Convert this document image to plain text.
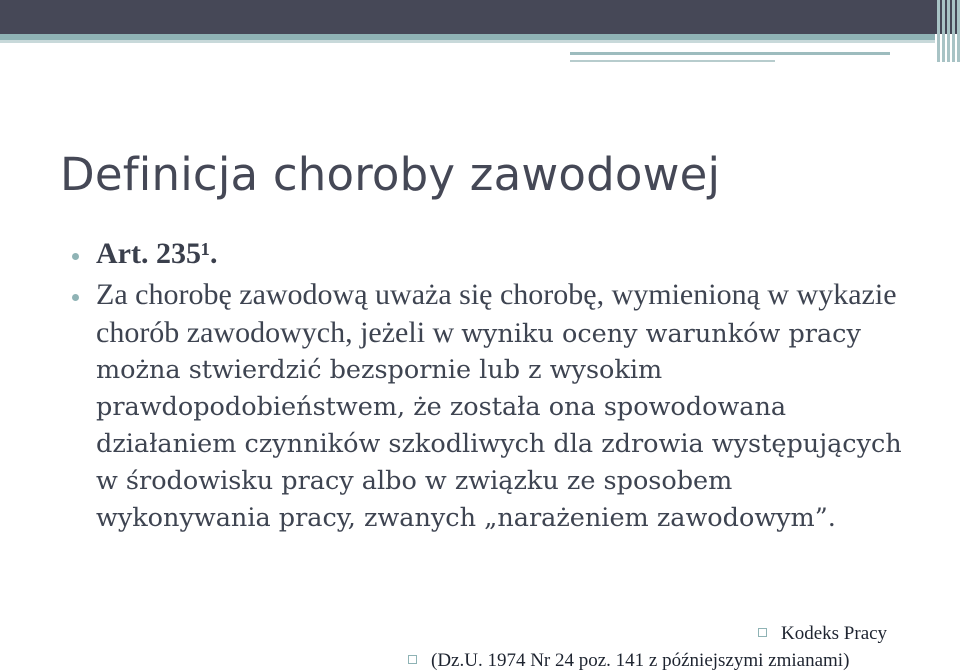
Definicja choroby zawodowej
Art. 235¹.
Za chorobę zawodową uważa się chorobę, wymienioną w wykazie chorób zawodowych, jeżeli w wyniku oceny warunków pracy można stwierdzić bezspornie lub z wysokim prawdopodobieństwem, że została ona spowodowana działaniem czynników szkodliwych dla zdrowia występujących w środowisku pracy albo w związku ze sposobem wykonywania pracy, zwanych „narażeniem zawodowym”.
Kodeks Pracy
(Dz.U. 1974 Nr 24 poz. 141 z późniejszymi zmianami)
